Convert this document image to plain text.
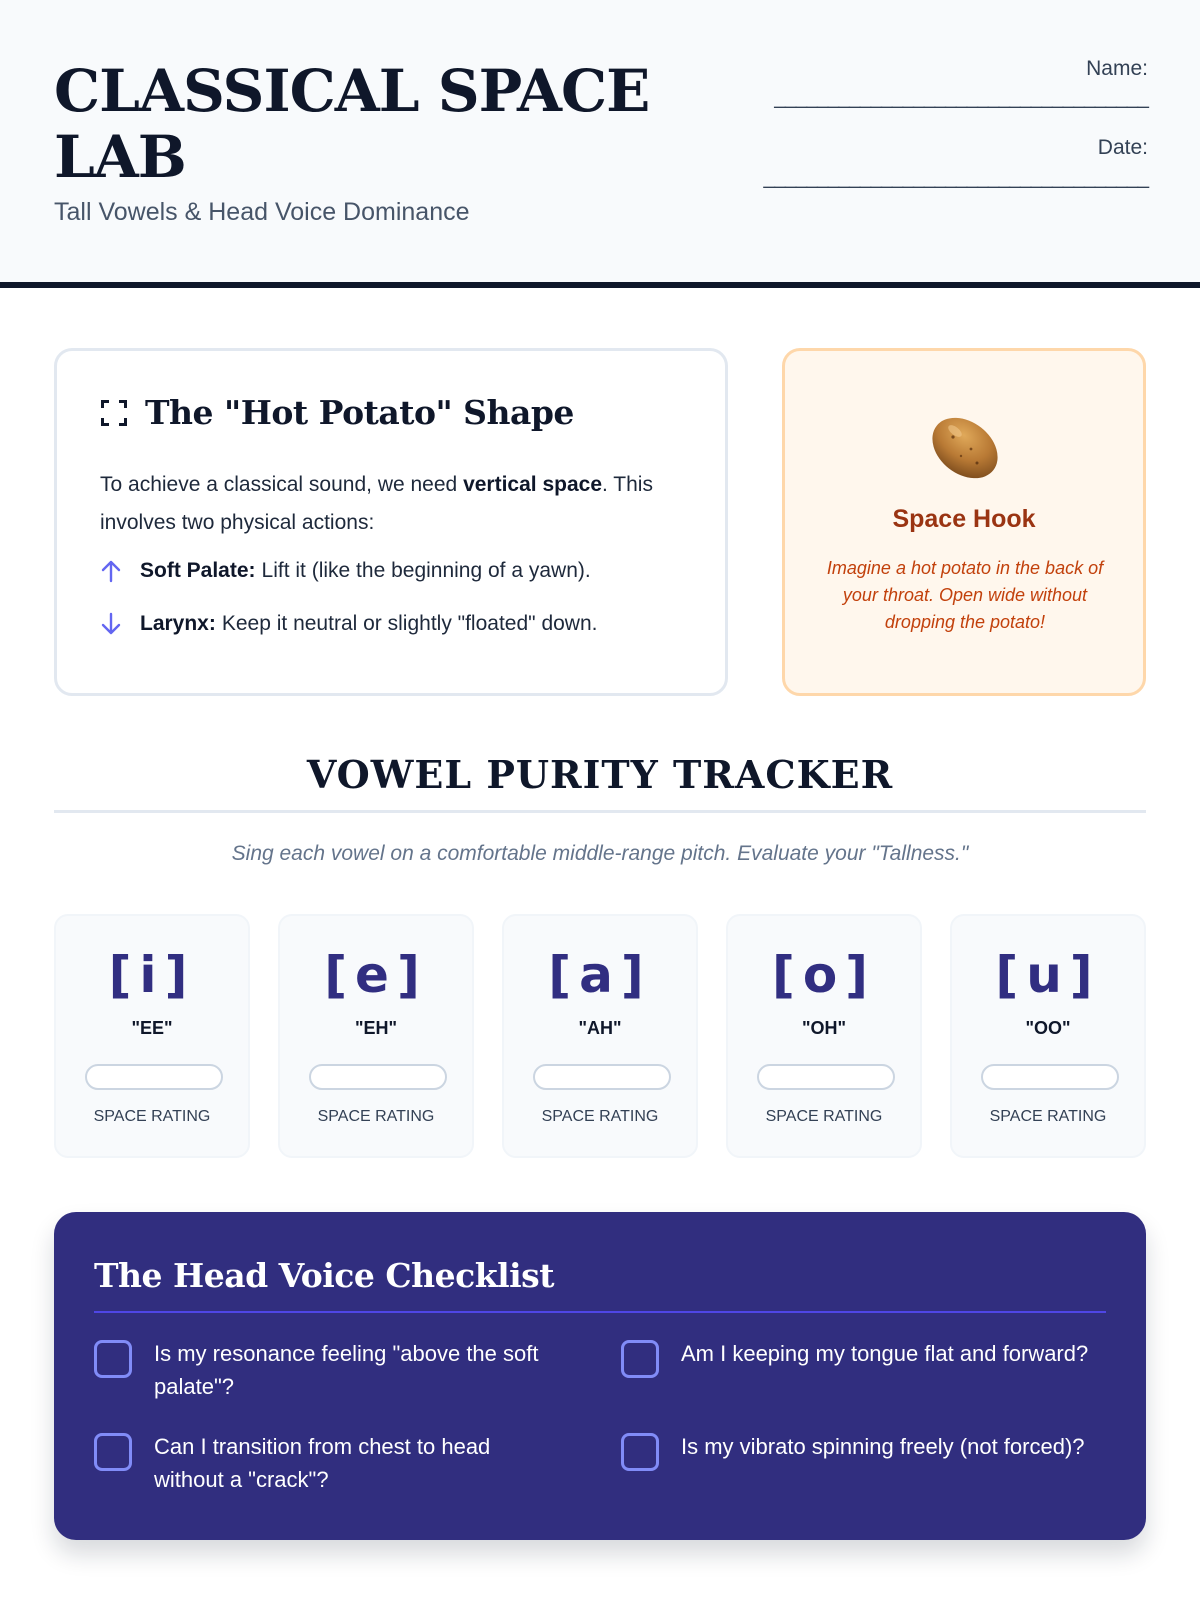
CLASSICAL SPACE LAB
Tall Vowels & Head Voice Dominance
Name:
___________________________________
Date:
____________________________________
The "Hot Potato" Shape
To achieve a classical sound, we need vertical space. This involves two physical actions:
Soft Palate: Lift it (like the beginning of a yawn).
Larynx: Keep it neutral or slightly "floated" down.
Space Hook
Imagine a hot potato in the back of your throat. Open wide without dropping the potato!
VOWEL PURITY TRACKER
Sing each vowel on a comfortable middle-range pitch. Evaluate your "Tallness."
[i]
"EE"
SPACE RATING
[e]
"EH"
SPACE RATING
[a]
"AH"
SPACE RATING
[o]
"OH"
SPACE RATING
[u]
"OO"
SPACE RATING
The Head Voice Checklist
Is my resonance feeling "above the soft palate"?
Am I keeping my tongue flat and forward?
Can I transition from chest to head without a "crack"?
Is my vibrato spinning freely (not forced)?
